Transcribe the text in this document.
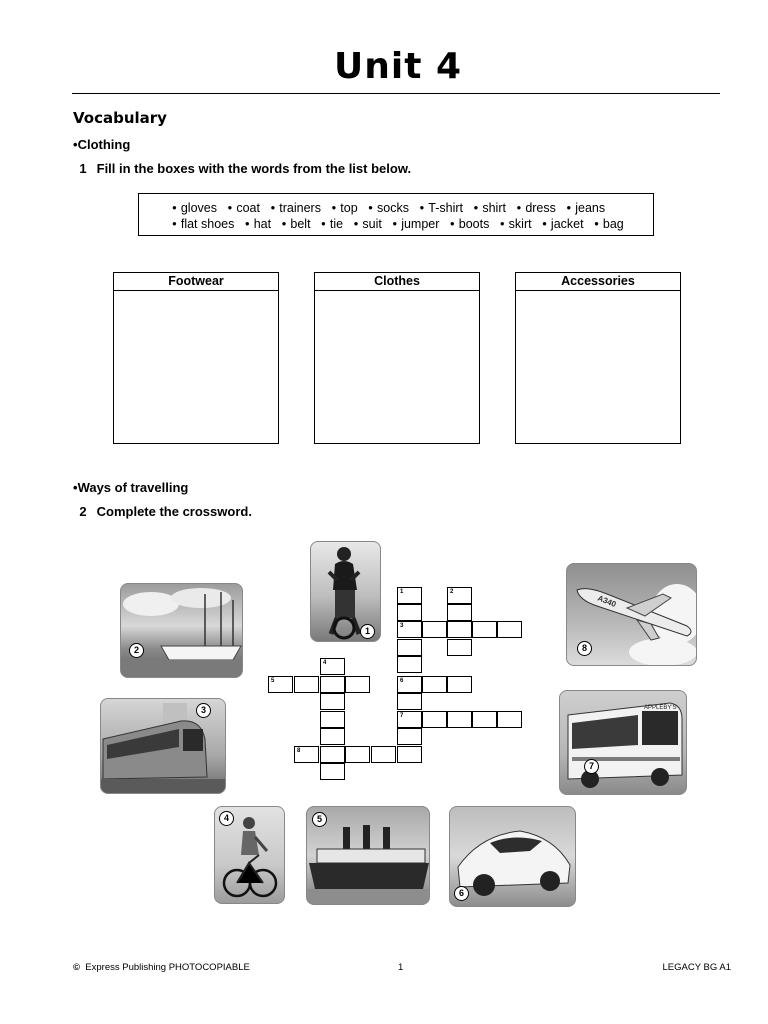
Unit 4
Vocabulary
•Clothing
1 Fill in the boxes with the words from the list below.
● gloves ● coat ● trainers ● top ● socks ● T-shirt ● shirt ● dress ● jeans
● flat shoes ● hat ● belt ● tie ● suit ● jumper ● boots ● skirt ● jacket ● bag
Footwear	Clothes	Accessories
•Ways of travelling
2 Complete the crossword.
1
2
3
4	5
6
APPLEBY'S
7
A340
8
1
3
6
7
2
4
5
8
© Express Publishing PHOTOCOPIABLE	1	LEGACY BG A1
